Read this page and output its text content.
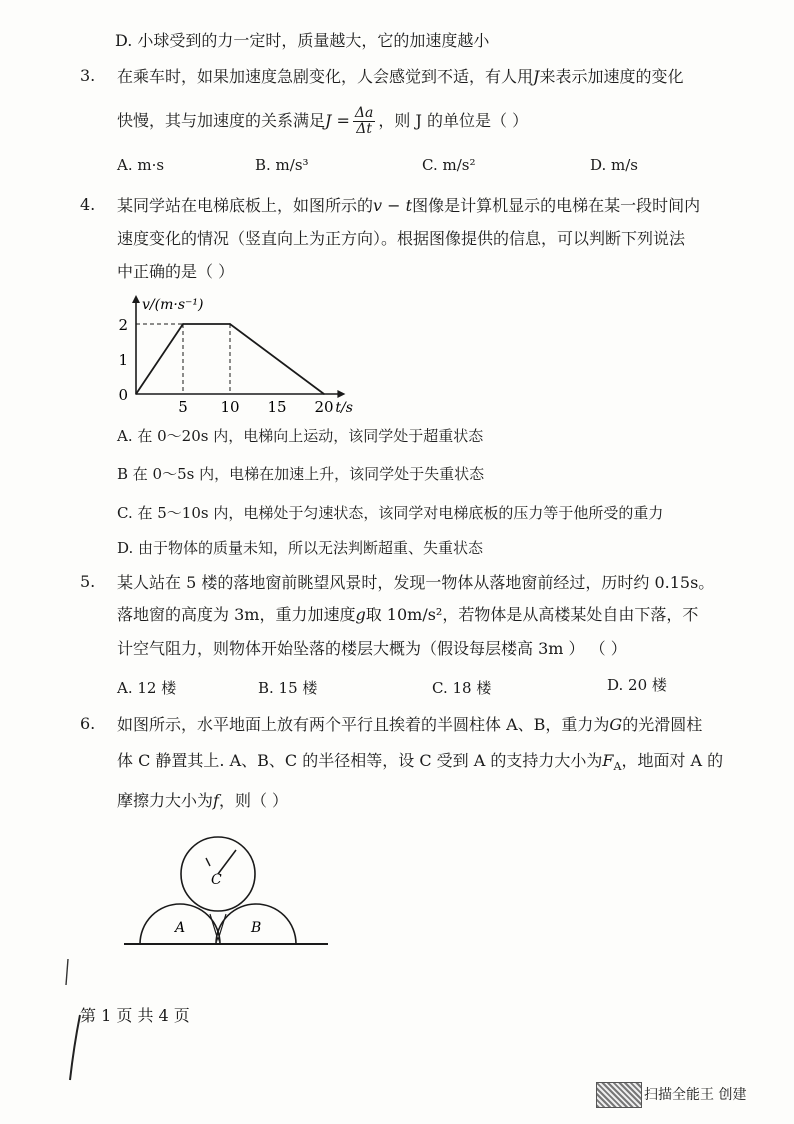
D. 小球受到的力一定时，质量越大，它的加速度越小
3. 在乘车时，如果加速度急剧变化，人会感觉到不适，有人用J来表示加速度的变化
快慢，其与加速度的关系满足$J = \frac{\Delta a}{\Delta t}$ ，则 J 的单位是（ ）
A. m·s	B. m/s³	C. m/s²	D. m/s
4. 某同学站在电梯底板上，如图所示的v − t图像是计算机显示的电梯在某一段时间内
速度变化的情况（竖直向上为正方向）。根据图像提供的信息，可以判断下列说法
中正确的是（ ）
5 10 15 20
0
1
2
v/(m·s⁻¹)
t/s
A. 在 0～20s 内，电梯向上运动，该同学处于超重状态
B 在 0～5s 内，电梯在加速上升，该同学处于失重状态
C. 在 5～10s 内，电梯处于匀速状态，该同学对电梯底板的压力等于他所受的重力
D. 由于物体的质量未知，所以无法判断超重、失重状态
5. 某人站在 5 楼的落地窗前眺望风景时，发现一物体从落地窗前经过，历时约 0.15s。
落地窗的高度为 3m，重力加速度g取 10m/s²，若物体是从高楼某处自由下落，不
计空气阻力，则物体开始坠落的楼层大概为（假设每层楼高 3m ） （ ）
A. 12 楼	B. 15 楼	C. 18 楼	D. 20 楼
6. 如图所示，水平地面上放有两个平行且挨着的半圆柱体 A、B，重力为G的光滑圆柱
体 C 静置其上. A、B、C 的半径相等，设 C 受到 A 的支持力大小为$F_A$，地面对 A 的
摩擦力大小为f，则（ ）
A	B
C
第 1 页 共 4 页
扫描全能王 创建
